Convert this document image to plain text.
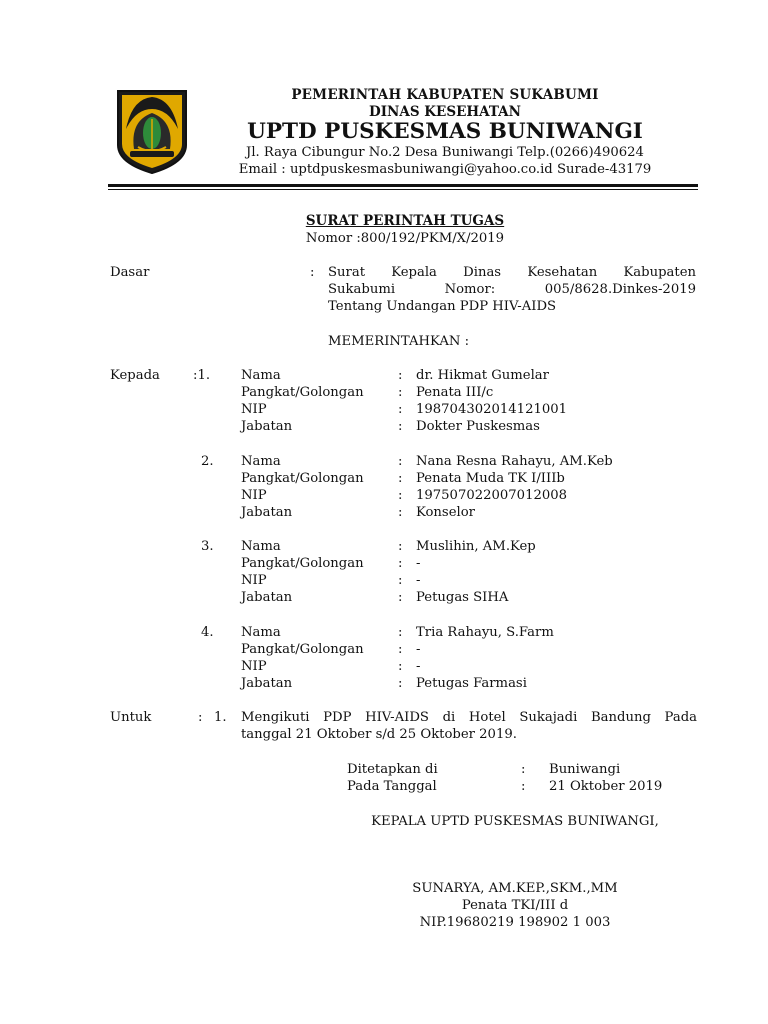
PEMERINTAH KABUPATEN SUKABUMI
DINAS KESEHATAN
UPTD PUSKESMAS BUNIWANGI
Jl. Raya Cibungur No.2 Desa Buniwangi Telp.(0266)490624
Email : uptdpuskesmasbuniwangi@yahoo.co.id Surade-43179
SURAT PERINTAH TUGAS
Nomor :800/192/PKM/X/2019
Dasar	: Surat Kepala Dinas Kesehatan Kabupaten
Sukabumi Nomor: 005/8628.Dinkes-2019
Tentang Undangan PDP HIV-AIDS
MEMERINTAHKAN :
Kepada	:1. Nama	: dr. Hikmat Gumelar
Pangkat/Golongan	: Penata III/c
NIP	: 198704302014121001
Jabatan	: Dokter Puskesmas
2. Nama	: Nana Resna Rahayu, AM.Keb
Pangkat/Golongan	: Penata Muda TK I/IIIb
NIP	: 197507022007012008
Jabatan	: Konselor
3. Nama	: Muslihin, AM.Kep
Pangkat/Golongan	: -
NIP	: -
Jabatan	: Petugas SIHA
4. Nama	: Tria Rahayu, S.Farm
Pangkat/Golongan	: -
NIP	: -
Jabatan	: Petugas Farmasi
Untuk	: 1. Mengikuti PDP HIV-AIDS di Hotel Sukajadi Bandung Pada
tanggal 21 Oktober s/d 25 Oktober 2019.
Ditetapkan di	: Buniwangi
Pada Tanggal	: 21 Oktober 2019
KEPALA UPTD PUSKESMAS BUNIWANGI,
SUNARYA, AM.KEP.,SKM.,MM
Penata TKI/III d
NIP.19680219 198902 1 003
